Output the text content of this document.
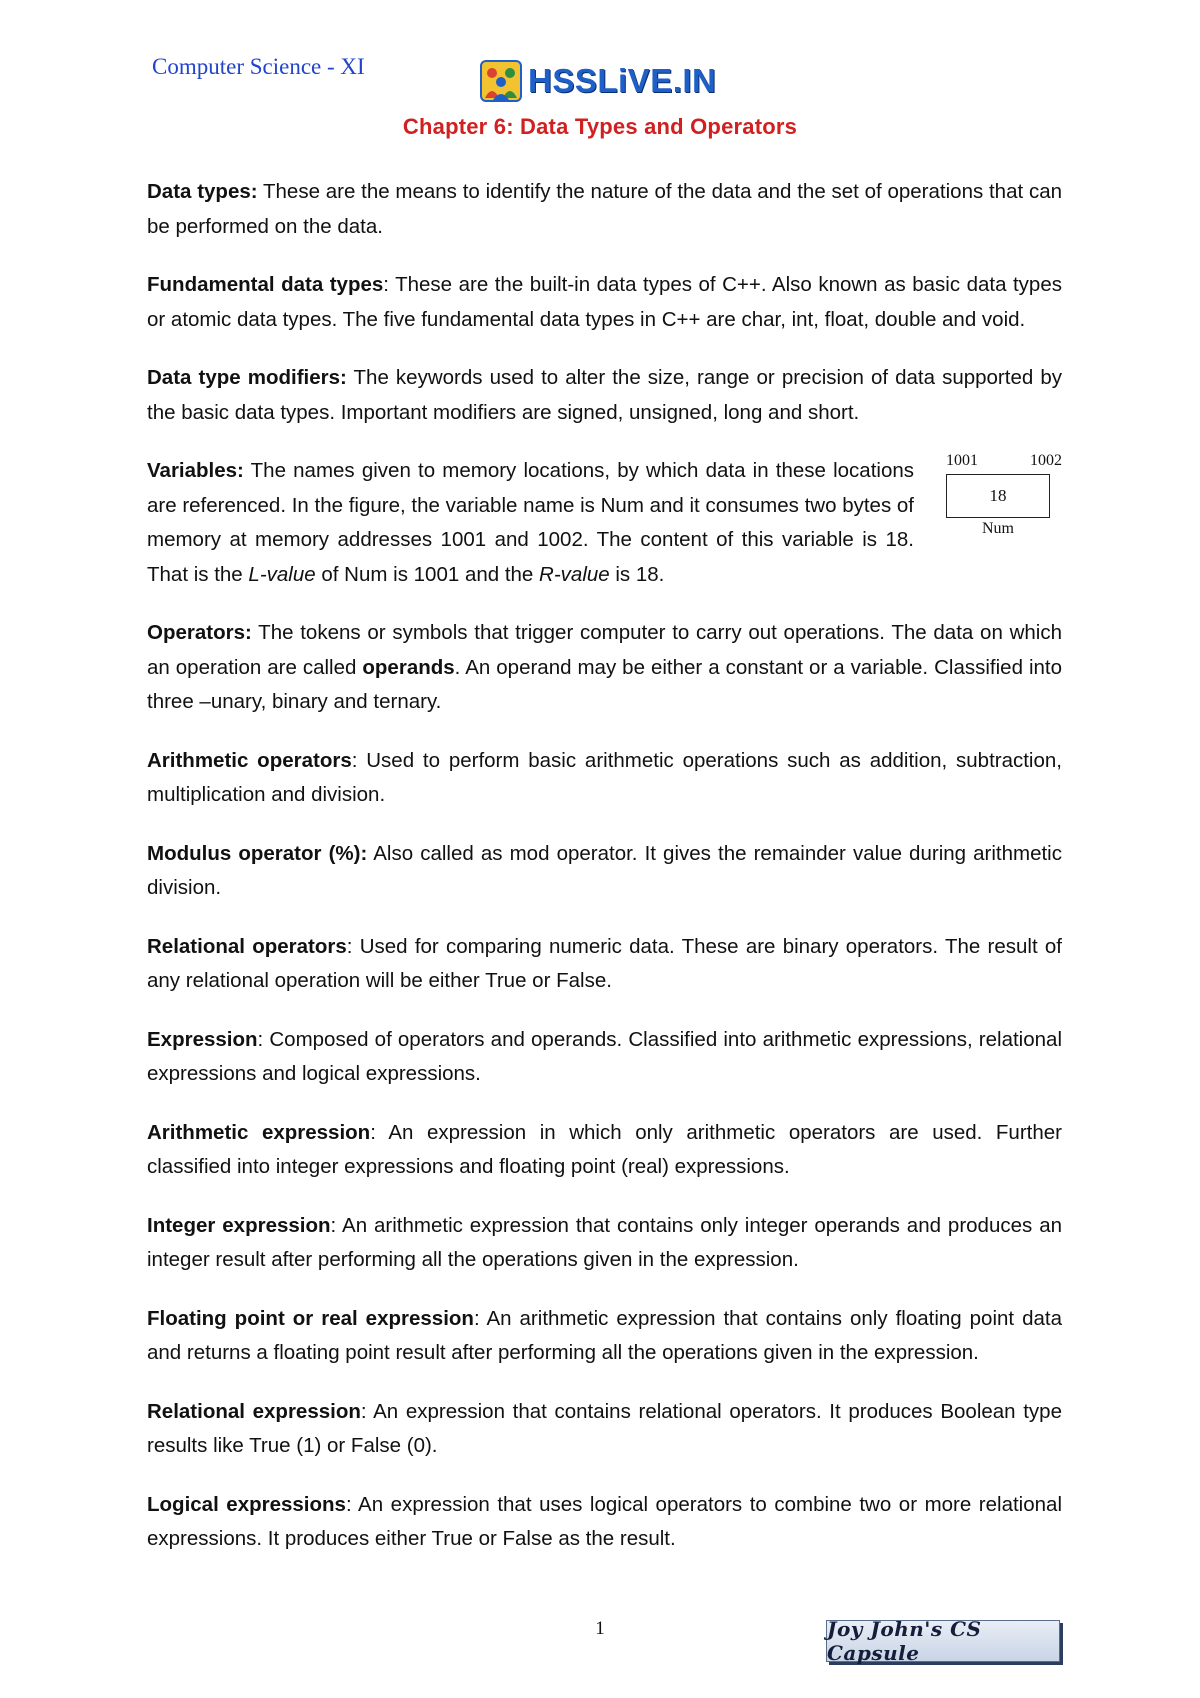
Computer Science - XI	HSSLiVE.IN
Chapter 6: Data Types and Operators

Data types: These are the means to identify the nature of the data and the set of operations that can be performed on the data.

Fundamental data types: These are the built-in data types of C++. Also known as basic data types or atomic data types. The five fundamental data types in C++ are char, int, float, double and void.

Data type modifiers: The keywords used to alter the size, range or precision of data supported by the basic data types. Important modifiers are signed, unsigned, long and short.

1001	1002
18
Num
Variables: The names given to memory locations, by which data in these locations are referenced. In the figure, the variable name is Num and it consumes two bytes of memory at memory addresses 1001 and 1002. The content of this variable is 18. That is the L-value of Num is 1001 and the R-value is 18.

Operators: The tokens or symbols that trigger computer to carry out operations. The data on which an operation are called operands. An operand may be either a constant or a variable. Classified into three –unary, binary and ternary.

Arithmetic operators: Used to perform basic arithmetic operations such as addition, subtraction, multiplication and division.

Modulus operator (%): Also called as mod operator. It gives the remainder value during arithmetic division.

Relational operators: Used for comparing numeric data. These are binary operators. The result of any relational operation will be either True or False.

Expression: Composed of operators and operands. Classified into arithmetic expressions, relational expressions and logical expressions.

Arithmetic expression: An expression in which only arithmetic operators are used. Further classified into integer expressions and floating point (real) expressions.

Integer expression: An arithmetic expression that contains only integer operands and produces an integer result after performing all the operations given in the expression.

Floating point or real expression: An arithmetic expression that contains only floating point data and returns a floating point result after performing all the operations given in the expression.

Relational expression: An expression that contains relational operators. It produces Boolean type results like True (1) or False (0).

Logical expressions: An expression that uses logical operators to combine two or more relational expressions. It produces either True or False as the result.

1	Joy John's CS Capsule
